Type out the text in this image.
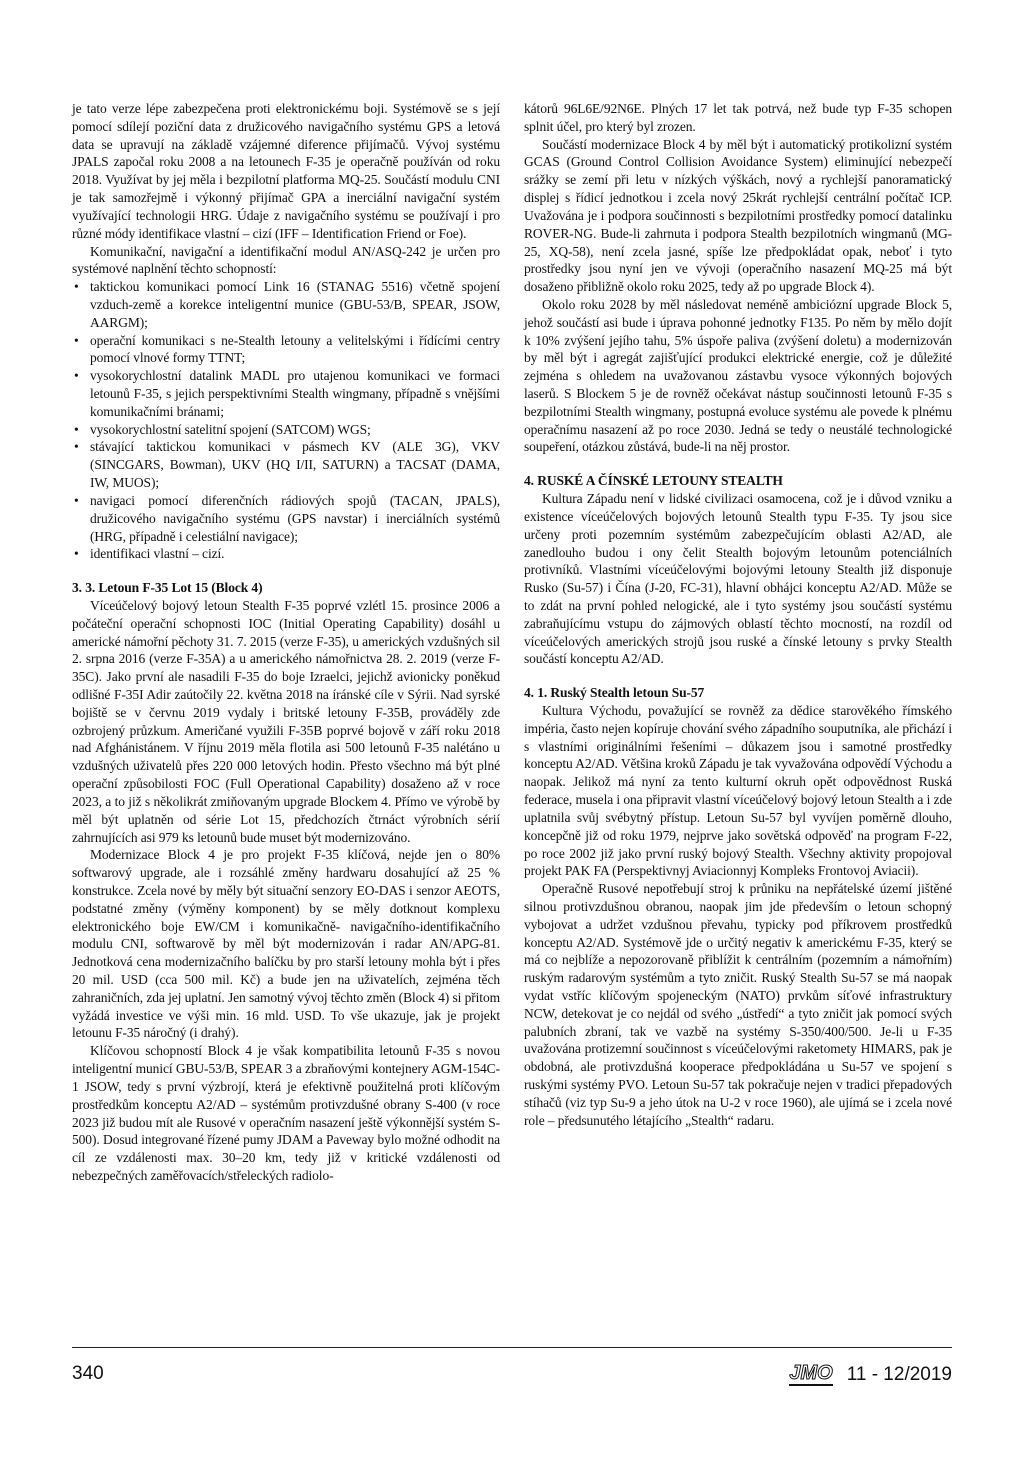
je tato verze lépe zabezpečena proti elektronickému boji. Systémově se s její pomocí sdílejí poziční data z družicového navigačního systému GPS a letová data se upravují na základě vzájemné diference přijímačů. Vývoj systému JPALS započal roku 2008 a na letounech F-35 je operačně používán od roku 2018. Využívat by jej měla i bezpilotní platforma MQ-25. Součástí modulu CNI je tak samozřejmě i výkonný přijímač GPA a inerciální navigační systém využívající technologii HRG. Údaje z navigačního systému se používají i pro různé módy identifikace vlastní – cizí (IFF – Identification Friend or Foe).

Komunikační, navigační a identifikační modul AN/ASQ-242 je určen pro systémové naplnění těchto schopností:

• taktickou komunikaci pomocí Link 16 (STANAG 5516) včetně spojení vzduch-země a korekce inteligentní munice (GBU-53/B, SPEAR, JSOW, AARGM);
• operační komunikaci s ne-Stealth letouny a velitelskými i řídícími centry pomocí vlnové formy TTNT;
• vysokorychlostní datalink MADL pro utajenou komunikaci ve formaci letounů F-35, s jejich perspektivními Stealth wingmany, případně s vnějšími komunikačními bránami;
• vysokorychlostní satelitní spojení (SATCOM) WGS;
• stávající taktickou komunikaci v pásmech KV (ALE 3G), VKV (SINCGARS, Bowman), UKV (HQ I/II, SATURN) a TACSAT (DAMA, IW, MUOS);
• navigaci pomocí diferenčních rádiových spojů (TACAN, JPALS), družicového navigačního systému (GPS navstar) i inerciálních systémů (HRG, případně i celestiální navigace);
• identifikaci vlastní – cizí.
3. 3. Letoun F-35 Lot 15 (Block 4)

Víceúčelový bojový letoun Stealth F-35 poprvé vzlétl 15. prosince 2006 a počáteční operační schopnosti IOC (Initial Operating Capability) dosáhl u americké námořní pěchoty 31. 7. 2015 (verze F-35), u amerických vzdušných sil 2. srpna 2016 (verze F-35A) a u amerického námořnictva 28. 2. 2019 (verze F-35C). Jako první ale nasadili F-35 do boje Izraelci, jejichž avionicky poněkud odlišné F-35I Adir zaútočily 22. května 2018 na íránské cíle v Sýrii. Nad syrské bojiště se v červnu 2019 vydaly i britské letouny F-35B, prováděly zde ozbrojený průzkum. Američané využili F-35B poprvé bojově v září roku 2018 nad Afghánistánem. V říjnu 2019 měla flotila asi 500 letounů F-35 nalétáno u vzdušných uživatelů přes 220 000 letových hodin. Přesto všechno má být plné operační způsobilosti FOC (Full Operational Capability) dosaženo až v roce 2023, a to již s několikrát zmiňovaným upgrade Blockem 4. Přímo ve výrobě by měl být uplatněn od série Lot 15, předchozích čtrnáct výrobních sérií zahrnujících asi 979 ks letounů bude muset být modernizováno.

Modernizace Block 4 je pro projekt F-35 klíčová, nejde jen o 80% softwarový upgrade, ale i rozsáhlé změny hardwaru dosahující až 25 % konstrukce. Zcela nové by měly být situační senzory EO-DAS i senzor AEOTS, podstatné změny (výměny komponent) by se měly dotknout komplexu elektronického boje EW/CM i komunikačně- navigačního-identifikačního modulu CNI, softwarově by měl být modernizován i radar AN/APG-81. Jednotková cena modernizačního balíčku by pro starší letouny mohla být i přes 20 mil. USD (cca 500 mil. Kč) a bude jen na uživatelích, zejména těch zahraničních, zda jej uplatní. Jen samotný vývoj těchto změn (Block 4) si přitom vyžádá investice ve výši min. 16 mld. USD. To vše ukazuje, jak je projekt letounu F-35 náročný (i drahý).

Klíčovou schopností Block 4 je však kompatibilita letounů F-35 s novou inteligentní municí GBU-53/B, SPEAR 3 a zbraňovými kontejnery AGM-154C-1 JSOW, tedy s první výzbrojí, která je efektivně použitelná proti klíčovým prostředkům konceptu A2/AD – systémům protivzdušné obrany S-400 (v roce 2023 již budou mít ale Rusové v operačním nasazení ještě výkonnější systém S-500). Dosud integrované řízené pumy JDAM a Paveway bylo možné odhodit na cíl ze vzdálenosti max. 30–20 km, tedy již v kritické vzdálenosti od nebezpečných zaměřovacích/střeleckých radiolo-

kátorů 96L6E/92N6E. Plných 17 let tak potrvá, než bude typ F-35 schopen splnit účel, pro který byl zrozen.

Součástí modernizace Block 4 by měl být i automatický protikolizní systém GCAS (Ground Control Collision Avoidance System) eliminující nebezpečí srážky se zemí při letu v nízkých výškách, nový a rychlejší panoramatický displej s řídicí jednotkou i zcela nový 25krát rychlejší centrální počítač ICP. Uvažována je i podpora součinnosti s bezpilotními prostředky pomocí datalinku ROVER-NG. Bude-li zahrnuta i podpora Stealth bezpilotních wingmanů (MG-25, XQ-58), není zcela jasné, spíše lze předpokládat opak, neboť i tyto prostředky jsou nyní jen ve vývoji (operačního nasazení MQ-25 má být dosaženo přibližně okolo roku 2025, tedy až po upgrade Block 4).

Okolo roku 2028 by měl následovat neméně ambiciózní upgrade Block 5, jehož součástí asi bude i úprava pohonné jednotky F135. Po něm by mělo dojít k 10% zvýšení jejího tahu, 5% úspoře paliva (zvýšení doletu) a modernizován by měl být i agregát zajišťující produkci elektrické energie, což je důležité zejména s ohledem na uvažovanou zástavbu vysoce výkonných bojových laserů. S Blockem 5 je de rovněž očekávat nástup součinnosti letounů F-35 s bezpilotními Stealth wingmany, postupná evoluce systému ale povede k plnému operačnímu nasazení až po roce 2030. Jedná se tedy o neustálé technologické soupeření, otázkou zůstává, bude-li na něj prostor.

4. RUSKÉ A ČÍNSKÉ LETOUNY STEALTH

Kultura Západu není v lidské civilizaci osamocena, což je i důvod vzniku a existence víceúčelových bojových letounů Stealth typu F-35. Ty jsou sice určeny proti pozemním systémům zabezpečujícím oblasti A2/AD, ale zanedlouho budou i ony čelit Stealth bojovým letounům potenciálních protivníků. Vlastními víceúčelovými bojovými letouny Stealth již disponuje Rusko (Su-57) i Čína (J-20, FC-31), hlavní obhájci konceptu A2/AD. Může se to zdát na první pohled nelogické, ale i tyto systémy jsou součástí systému zabraňujícímu vstupu do zájmových oblastí těchto mocností, na rozdíl od víceúčelových amerických strojů jsou ruské a čínské letouny s prvky Stealth součástí konceptu A2/AD.

4. 1. Ruský Stealth letoun Su-57

Kultura Východu, považující se rovněž za dědice starověkého římského impéria, často nejen kopíruje chování svého západního souputníka, ale přichází i s vlastními originálními řešeními – důkazem jsou i samotné prostředky konceptu A2/AD. Většina kroků Západu je tak vyvažována odpovědí Východu a naopak. Jelikož má nyní za tento kulturní okruh opět odpovědnost Ruská federace, musela i ona připravit vlastní víceúčelový bojový letoun Stealth a i zde uplatnila svůj svébytný přístup. Letoun Su-57 byl vyvíjen poměrně dlouho, koncepčně již od roku 1979, nejprve jako sovětská odpověď na program F-22, po roce 2002 již jako první ruský bojový Stealth. Všechny aktivity propojoval projekt PAK FA (Perspektivnyj Aviacionnyj Kompleks Frontovoj Aviacii).

Operačně Rusové nepotřebují stroj k průniku na nepřátelské území jištěné silnou protivzdušnou obranou, naopak jim jde především o letoun schopný vybojovat a udržet vzdušnou převahu, typicky pod příkrovem prostředků konceptu A2/AD. Systémově jde o určitý negativ k americkému F-35, který se má co nejblíže a nepozorovaně přiblížit k centrálním (pozemním a námořním) ruským radarovým systémům a tyto zničit. Ruský Stealth Su-57 se má naopak vydat vstříc klíčovým spojeneckým (NATO) prvkům síťové infrastruktury NCW, detekovat je co nejdál od svého „ústředí“ a tyto zničit jak pomocí svých palubních zbraní, tak ve vazbě na systémy S-350/400/500. Je-li u F-35 uvažována protizemní součinnost s víceúčelovými raketomety HIMARS, pak je obdobná, ale protivzdušná kooperace předpokládána u Su-57 ve spojení s ruskými systémy PVO. Letoun Su-57 tak pokračuje nejen v tradici přepadových stíhačů (viz typ Su-9 a jeho útok na U-2 v roce 1960), ale ujímá se i zcela nové role – předsunutého létajícího „Stealth“ radaru.

340	JMO 11 - 12/2019
